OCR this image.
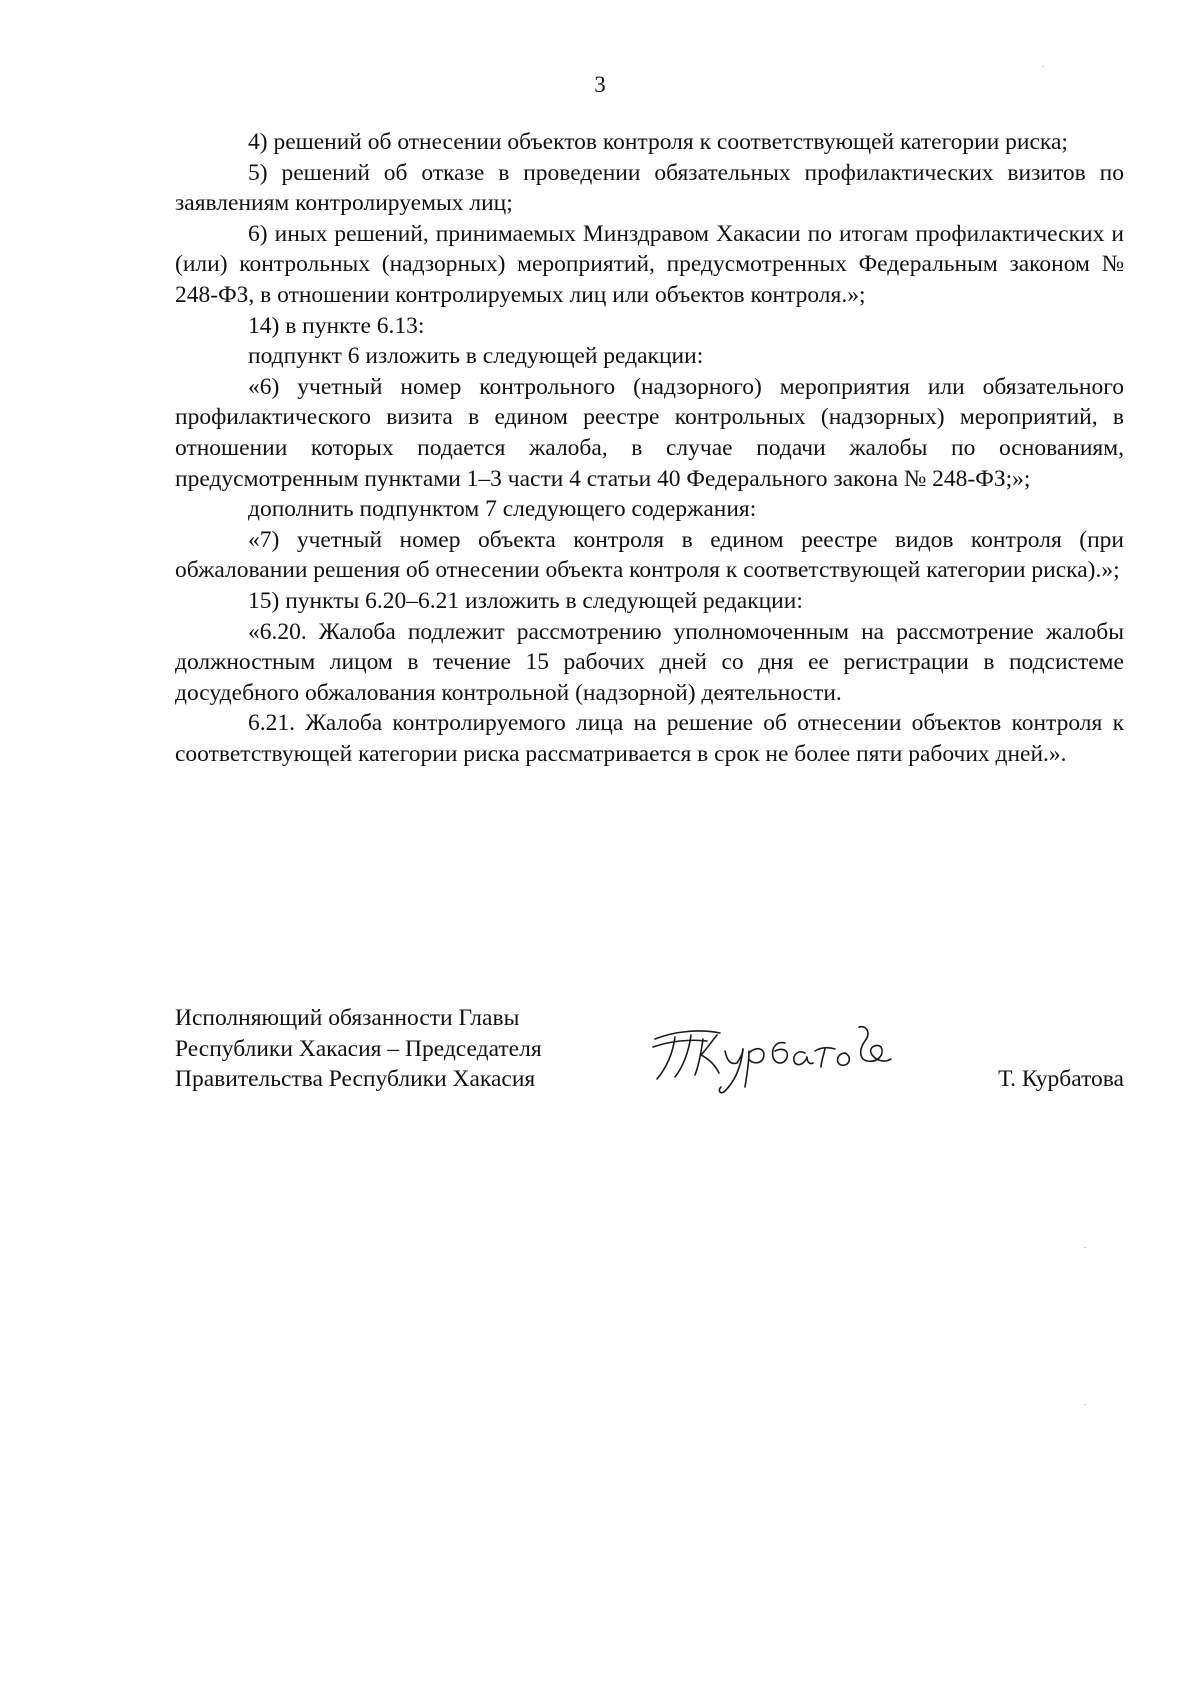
3

4) решений об отнесении объектов контроля к соответствующей категории риска;

5) решений об отказе в проведении обязательных профилактических визитов по заявлениям контролируемых лиц;

6) иных решений, принимаемых Минздравом Хакасии по итогам профилактических и (или) контрольных (надзорных) мероприятий, предусмотренных Федеральным законом № 248-ФЗ, в отношении контролируемых лиц или объектов контроля.»;

14) в пункте 6.13:

подпункт 6 изложить в следующей редакции:

«6) учетный номер контрольного (надзорного) мероприятия или обязательного профилактического визита в едином реестре контрольных (надзорных) мероприятий, в отношении которых подается жалоба, в случае подачи жалобы по основаниям, предусмотренным пунктами 1–3 части 4 статьи 40 Федерального закона № 248-ФЗ;»;

дополнить подпунктом 7 следующего содержания:

«7) учетный номер объекта контроля в едином реестре видов контроля (при обжаловании решения об отнесении объекта контроля к соответствующей категории риска).»;

15) пункты 6.20–6.21 изложить в следующей редакции:

«6.20. Жалоба подлежит рассмотрению уполномоченным на рассмотрение жалобы должностным лицом в течение 15 рабочих дней со дня ее регистрации в подсистеме досудебного обжалования контрольной (надзорной) деятельности.

6.21. Жалоба контролируемого лица на решение об отнесении объектов контроля к соответствующей категории риска рассматривается в срок не более пяти рабочих дней.».

Исполняющий обязанности Главы
Республики Хакасия – Председателя
Правительства Республики Хакасия	Т. Курбатова
